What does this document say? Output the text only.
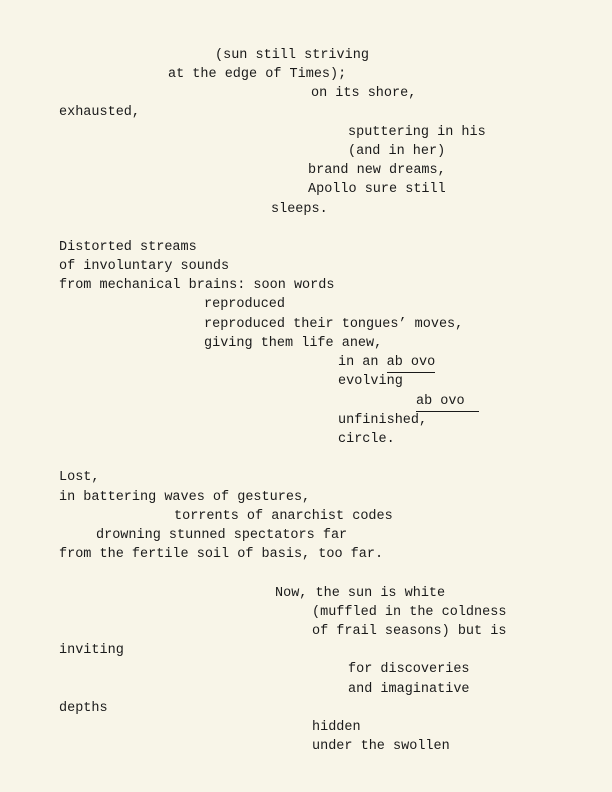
(sun still striving
at the edge of Times);
on its shore,
exhausted,
sputtering in his
(and in her)
brand new dreams,
Apollo sure still
sleeps.
Distorted streams
of involuntary sounds
from mechanical brains: soon words
reproduced
reproduced their tongues’ moves,
giving them life anew,
in an ab ovo
evolving
ab ovo
unfinished,
circle.
Lost,
in battering waves of gestures,
torrents of anarchist codes
drowning stunned spectators far
from the fertile soil of basis, too far.
Now, the sun is white
(muffled in the coldness
of frail seasons) but is
inviting
for discoveries
and imaginative
depths
hidden
under the swollen
